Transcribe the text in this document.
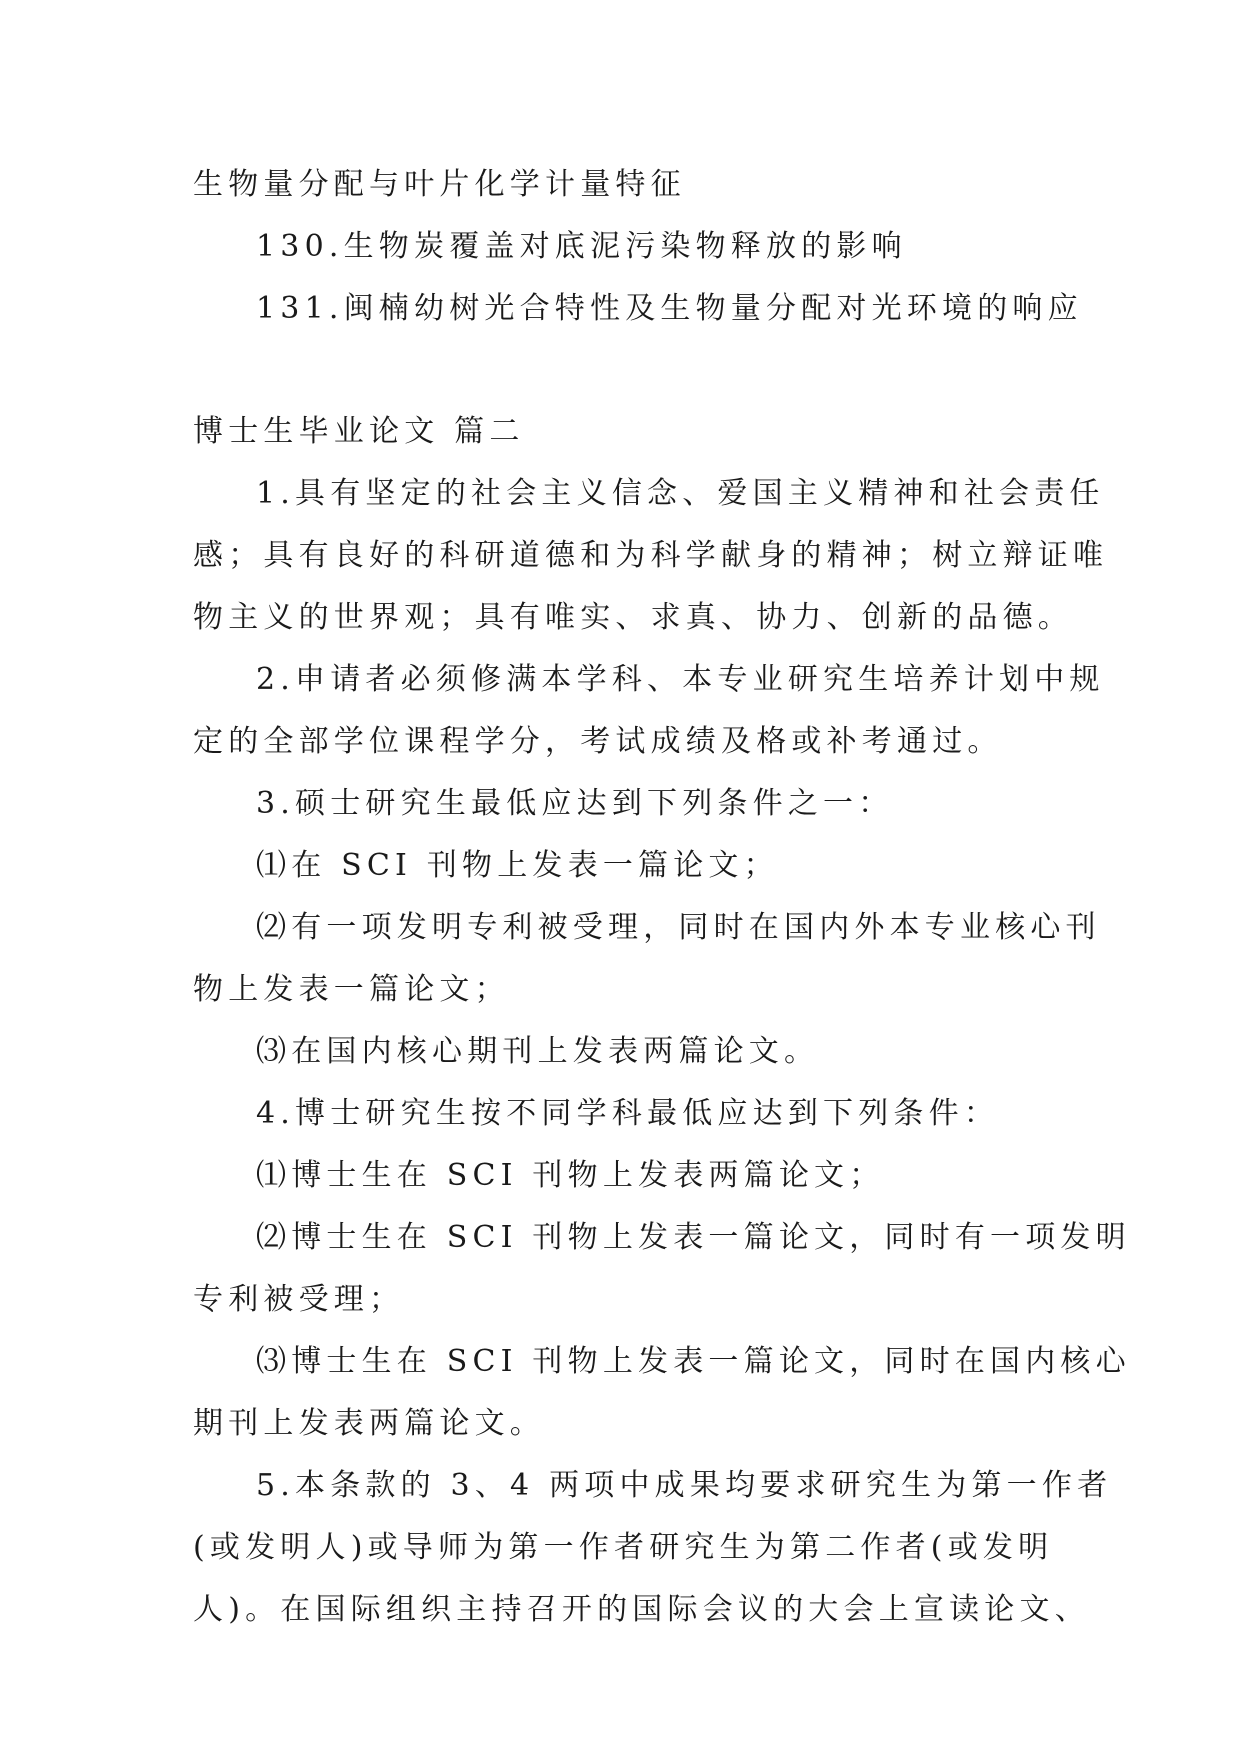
生物量分配与叶片化学计量特征
130.生物炭覆盖对底泥污染物释放的影响
131.闽楠幼树光合特性及生物量分配对光环境的响应
博士生毕业论文 篇二
1.具有坚定的社会主义信念、爱国主义精神和社会责任
感；具有良好的科研道德和为科学献身的精神；树立辩证唯
物主义的世界观；具有唯实、求真、协力、创新的品德。
2.申请者必须修满本学科、本专业研究生培养计划中规
定的全部学位课程学分，考试成绩及格或补考通过。
3.硕士研究生最低应达到下列条件之一：
⑴在 SCI 刊物上发表一篇论文；
⑵有一项发明专利被受理，同时在国内外本专业核心刊
物上发表一篇论文；
⑶在国内核心期刊上发表两篇论文。
4.博士研究生按不同学科最低应达到下列条件：
⑴博士生在 SCI 刊物上发表两篇论文；
⑵博士生在 SCI 刊物上发表一篇论文，同时有一项发明
专利被受理；
⑶博士生在 SCI 刊物上发表一篇论文，同时在国内核心
期刊上发表两篇论文。
5.本条款的 3、4 两项中成果均要求研究生为第一作者
(或发明人)或导师为第一作者研究生为第二作者(或发明
人)。在国际组织主持召开的国际会议的大会上宣读论文、
